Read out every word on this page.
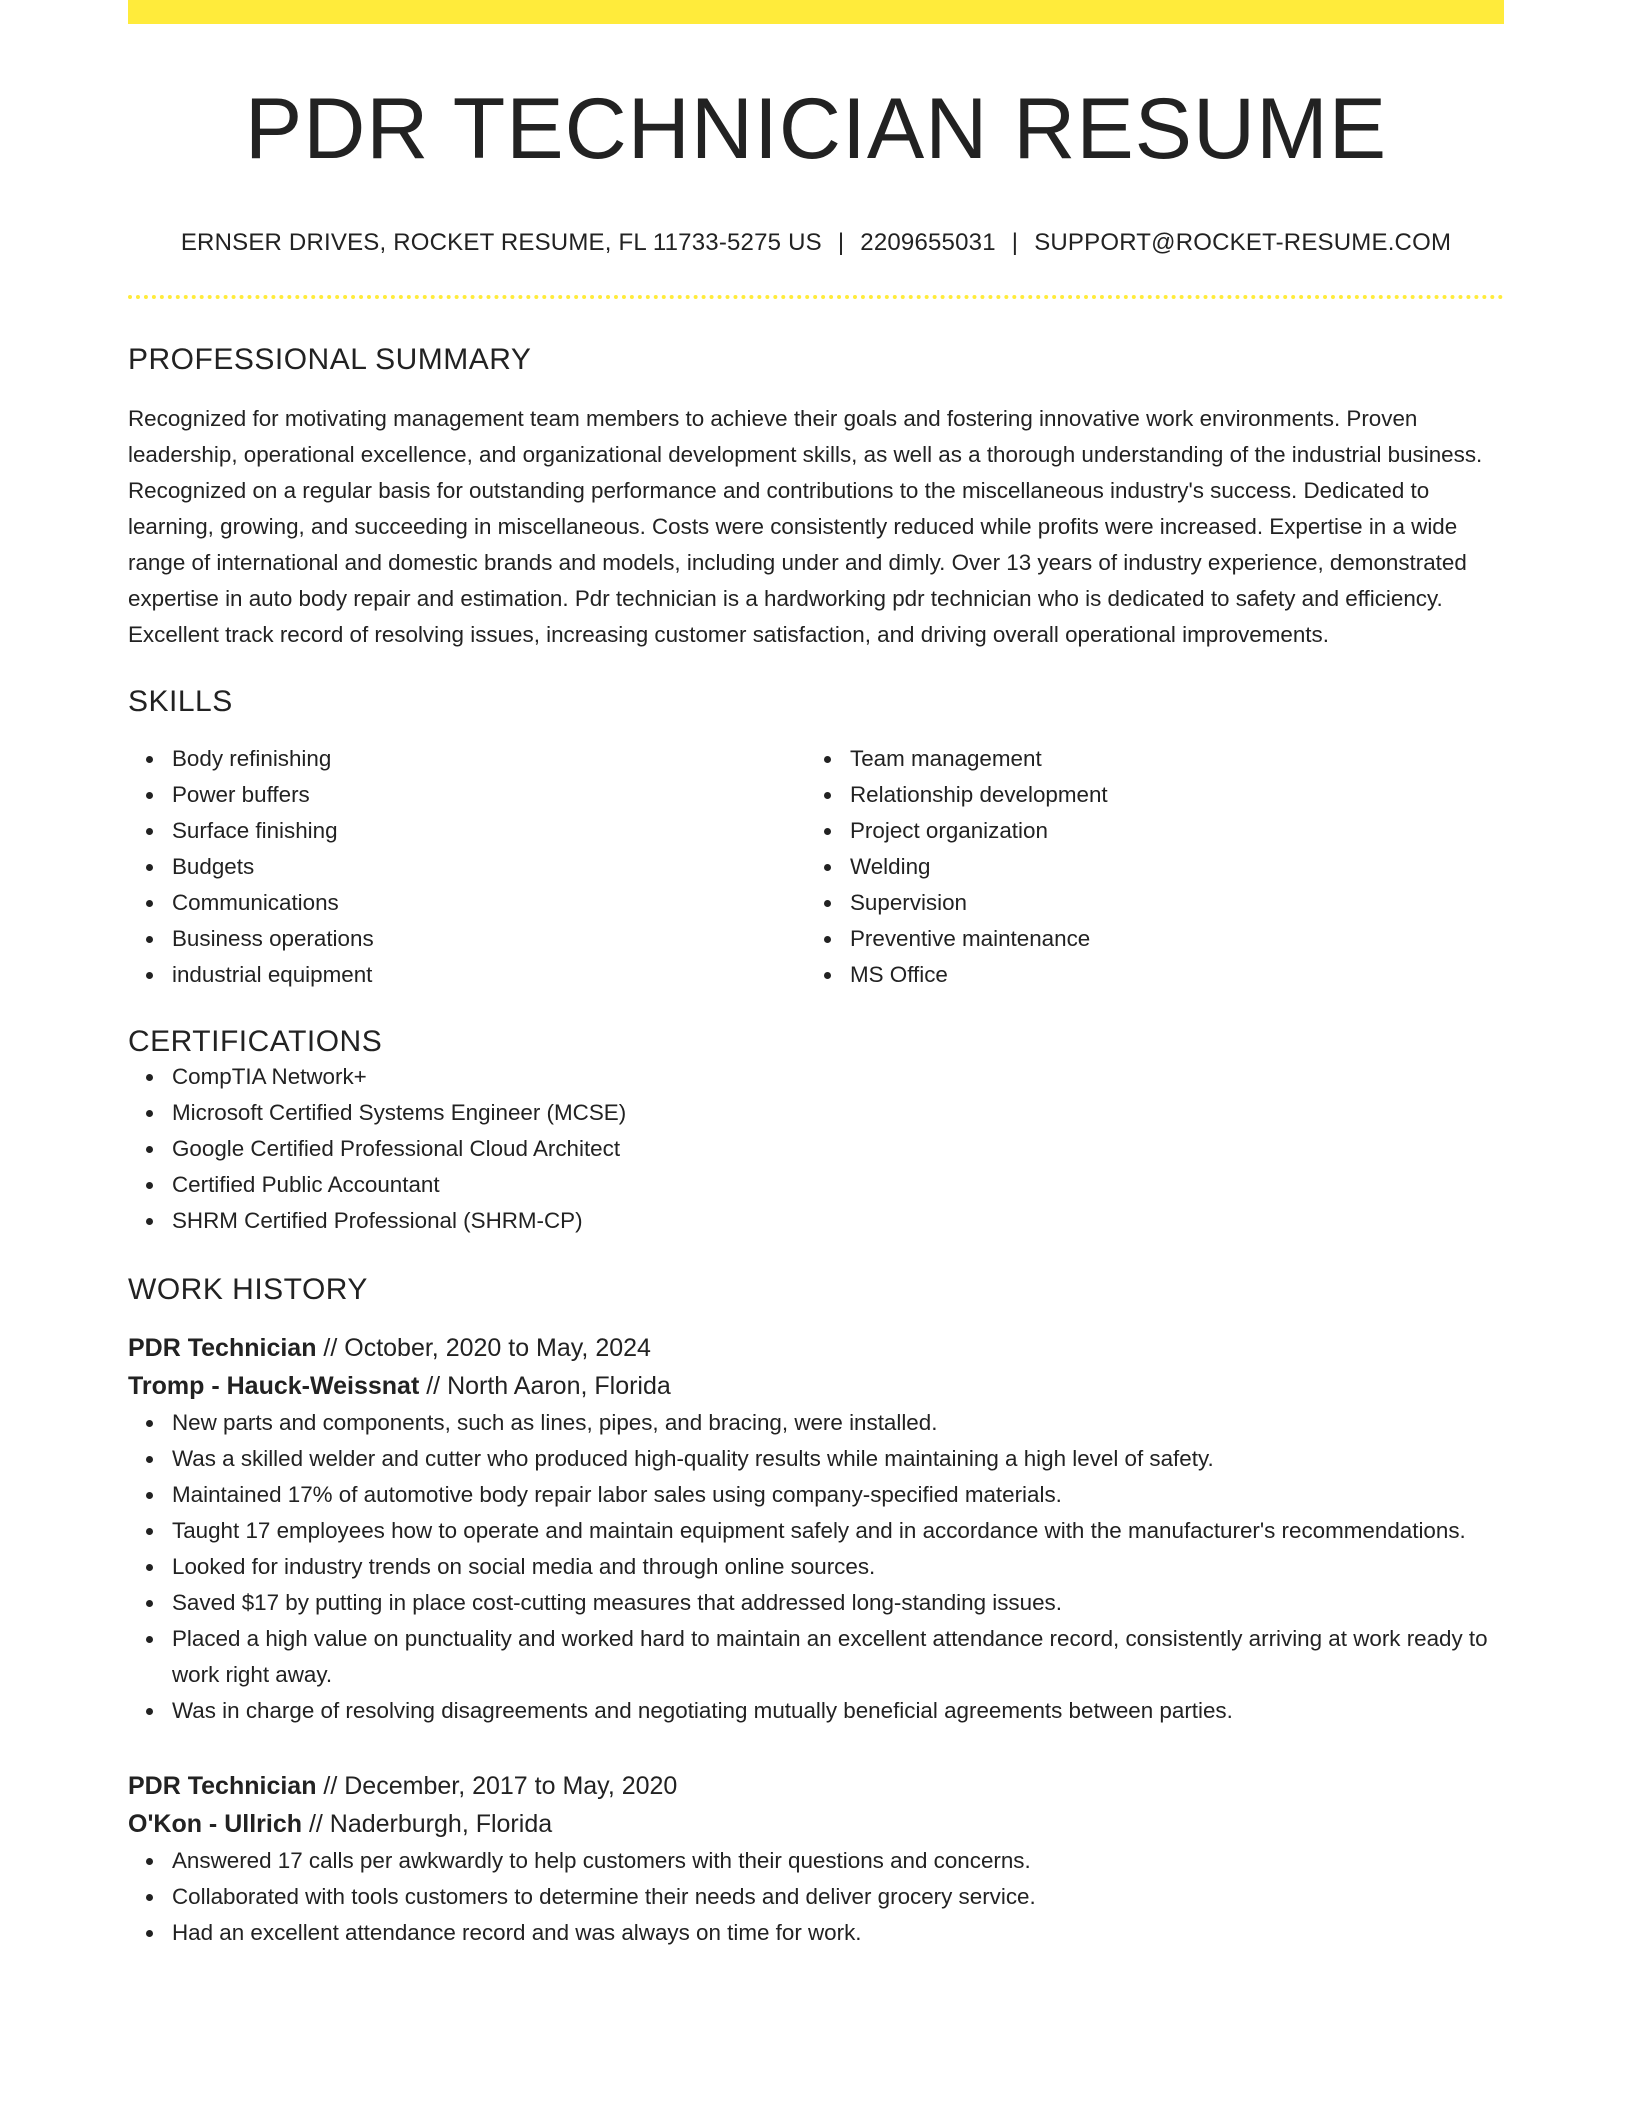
PDR TECHNICIAN RESUME
ERNSER DRIVES, ROCKET RESUME, FL 11733-5275 US | 2209655031 | SUPPORT@ROCKET-RESUME.COM
PROFESSIONAL SUMMARY
Recognized for motivating management team members to achieve their goals and fostering innovative work environments. Proven leadership, operational excellence, and organizational development skills, as well as a thorough understanding of the industrial business. Recognized on a regular basis for outstanding performance and contributions to the miscellaneous industry's success. Dedicated to learning, growing, and succeeding in miscellaneous. Costs were consistently reduced while profits were increased. Expertise in a wide range of international and domestic brands and models, including under and dimly. Over 13 years of industry experience, demonstrated expertise in auto body repair and estimation. Pdr technician is a hardworking pdr technician who is dedicated to safety and efficiency. Excellent track record of resolving issues, increasing customer satisfaction, and driving overall operational improvements.
SKILLS
Body refinishing
Power buffers
Surface finishing
Budgets
Communications
Business operations
industrial equipment
Team management
Relationship development
Project organization
Welding
Supervision
Preventive maintenance
MS Office
CERTIFICATIONS
CompTIA Network+
Microsoft Certified Systems Engineer (MCSE)
Google Certified Professional Cloud Architect
Certified Public Accountant
SHRM Certified Professional (SHRM-CP)
WORK HISTORY
PDR Technician // October, 2020 to May, 2024
Tromp - Hauck-Weissnat // North Aaron, Florida
New parts and components, such as lines, pipes, and bracing, were installed.
Was a skilled welder and cutter who produced high-quality results while maintaining a high level of safety.
Maintained 17% of automotive body repair labor sales using company-specified materials.
Taught 17 employees how to operate and maintain equipment safely and in accordance with the manufacturer's recommendations.
Looked for industry trends on social media and through online sources.
Saved $17 by putting in place cost-cutting measures that addressed long-standing issues.
Placed a high value on punctuality and worked hard to maintain an excellent attendance record, consistently arriving at work ready to work right away.
Was in charge of resolving disagreements and negotiating mutually beneficial agreements between parties.
PDR Technician // December, 2017 to May, 2020
O'Kon - Ullrich // Naderburgh, Florida
Answered 17 calls per awkwardly to help customers with their questions and concerns.
Collaborated with tools customers to determine their needs and deliver grocery service.
Had an excellent attendance record and was always on time for work.
